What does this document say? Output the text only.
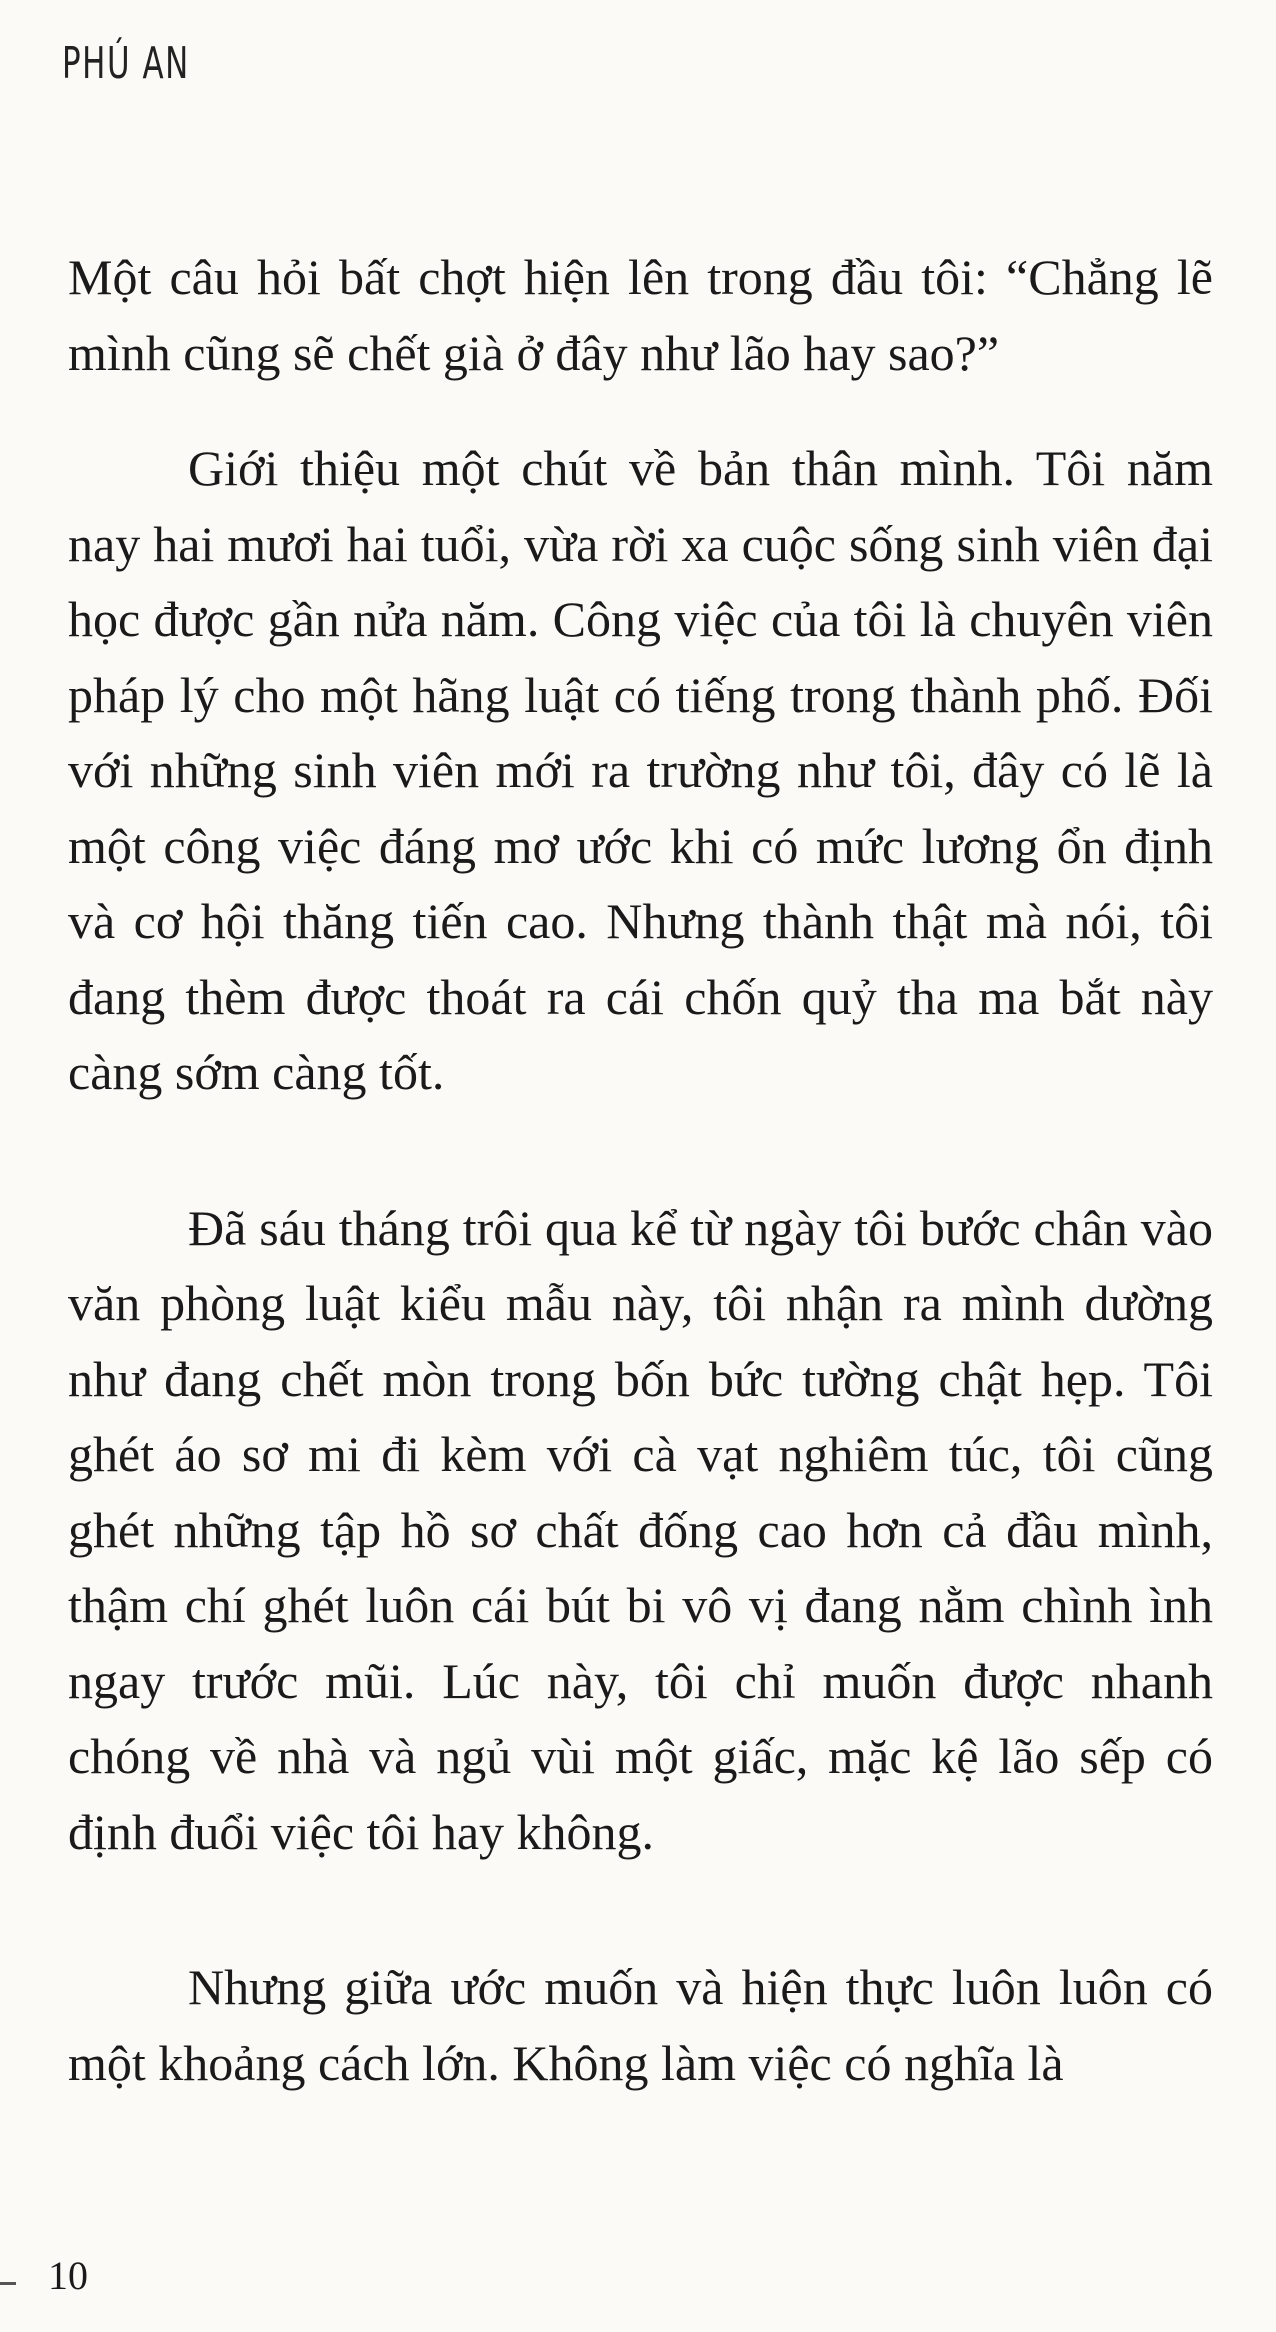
PHÚ AN

Một câu hỏi bất chợt hiện lên trong đầu tôi: “Chẳng lẽ mình cũng sẽ chết già ở đây như lão hay sao?”

Giới thiệu một chút về bản thân mình. Tôi năm nay hai mươi hai tuổi, vừa rời xa cuộc sống sinh viên đại học được gần nửa năm. Công việc của tôi là chuyên viên pháp lý cho một hãng luật có tiếng trong thành phố. Đối với những sinh viên mới ra trường như tôi, đây có lẽ là một công việc đáng mơ ước khi có mức lương ổn định và cơ hội thăng tiến cao. Nhưng thành thật mà nói, tôi đang thèm được thoát ra cái chốn quỷ tha ma bắt này càng sớm càng tốt.

Đã sáu tháng trôi qua kể từ ngày tôi bước chân vào văn phòng luật kiểu mẫu này, tôi nhận ra mình dường như đang chết mòn trong bốn bức tường chật hẹp. Tôi ghét áo sơ mi đi kèm với cà vạt nghiêm túc, tôi cũng ghét những tập hồ sơ chất đống cao hơn cả đầu mình, thậm chí ghét luôn cái bút bi vô vị đang nằm chình ình ngay trước mũi. Lúc này, tôi chỉ muốn được nhanh chóng về nhà và ngủ vùi một giấc, mặc kệ lão sếp có định đuổi việc tôi hay không.

Nhưng giữa ước muốn và hiện thực luôn luôn có một khoảng cách lớn. Không làm việc có nghĩa là

10
